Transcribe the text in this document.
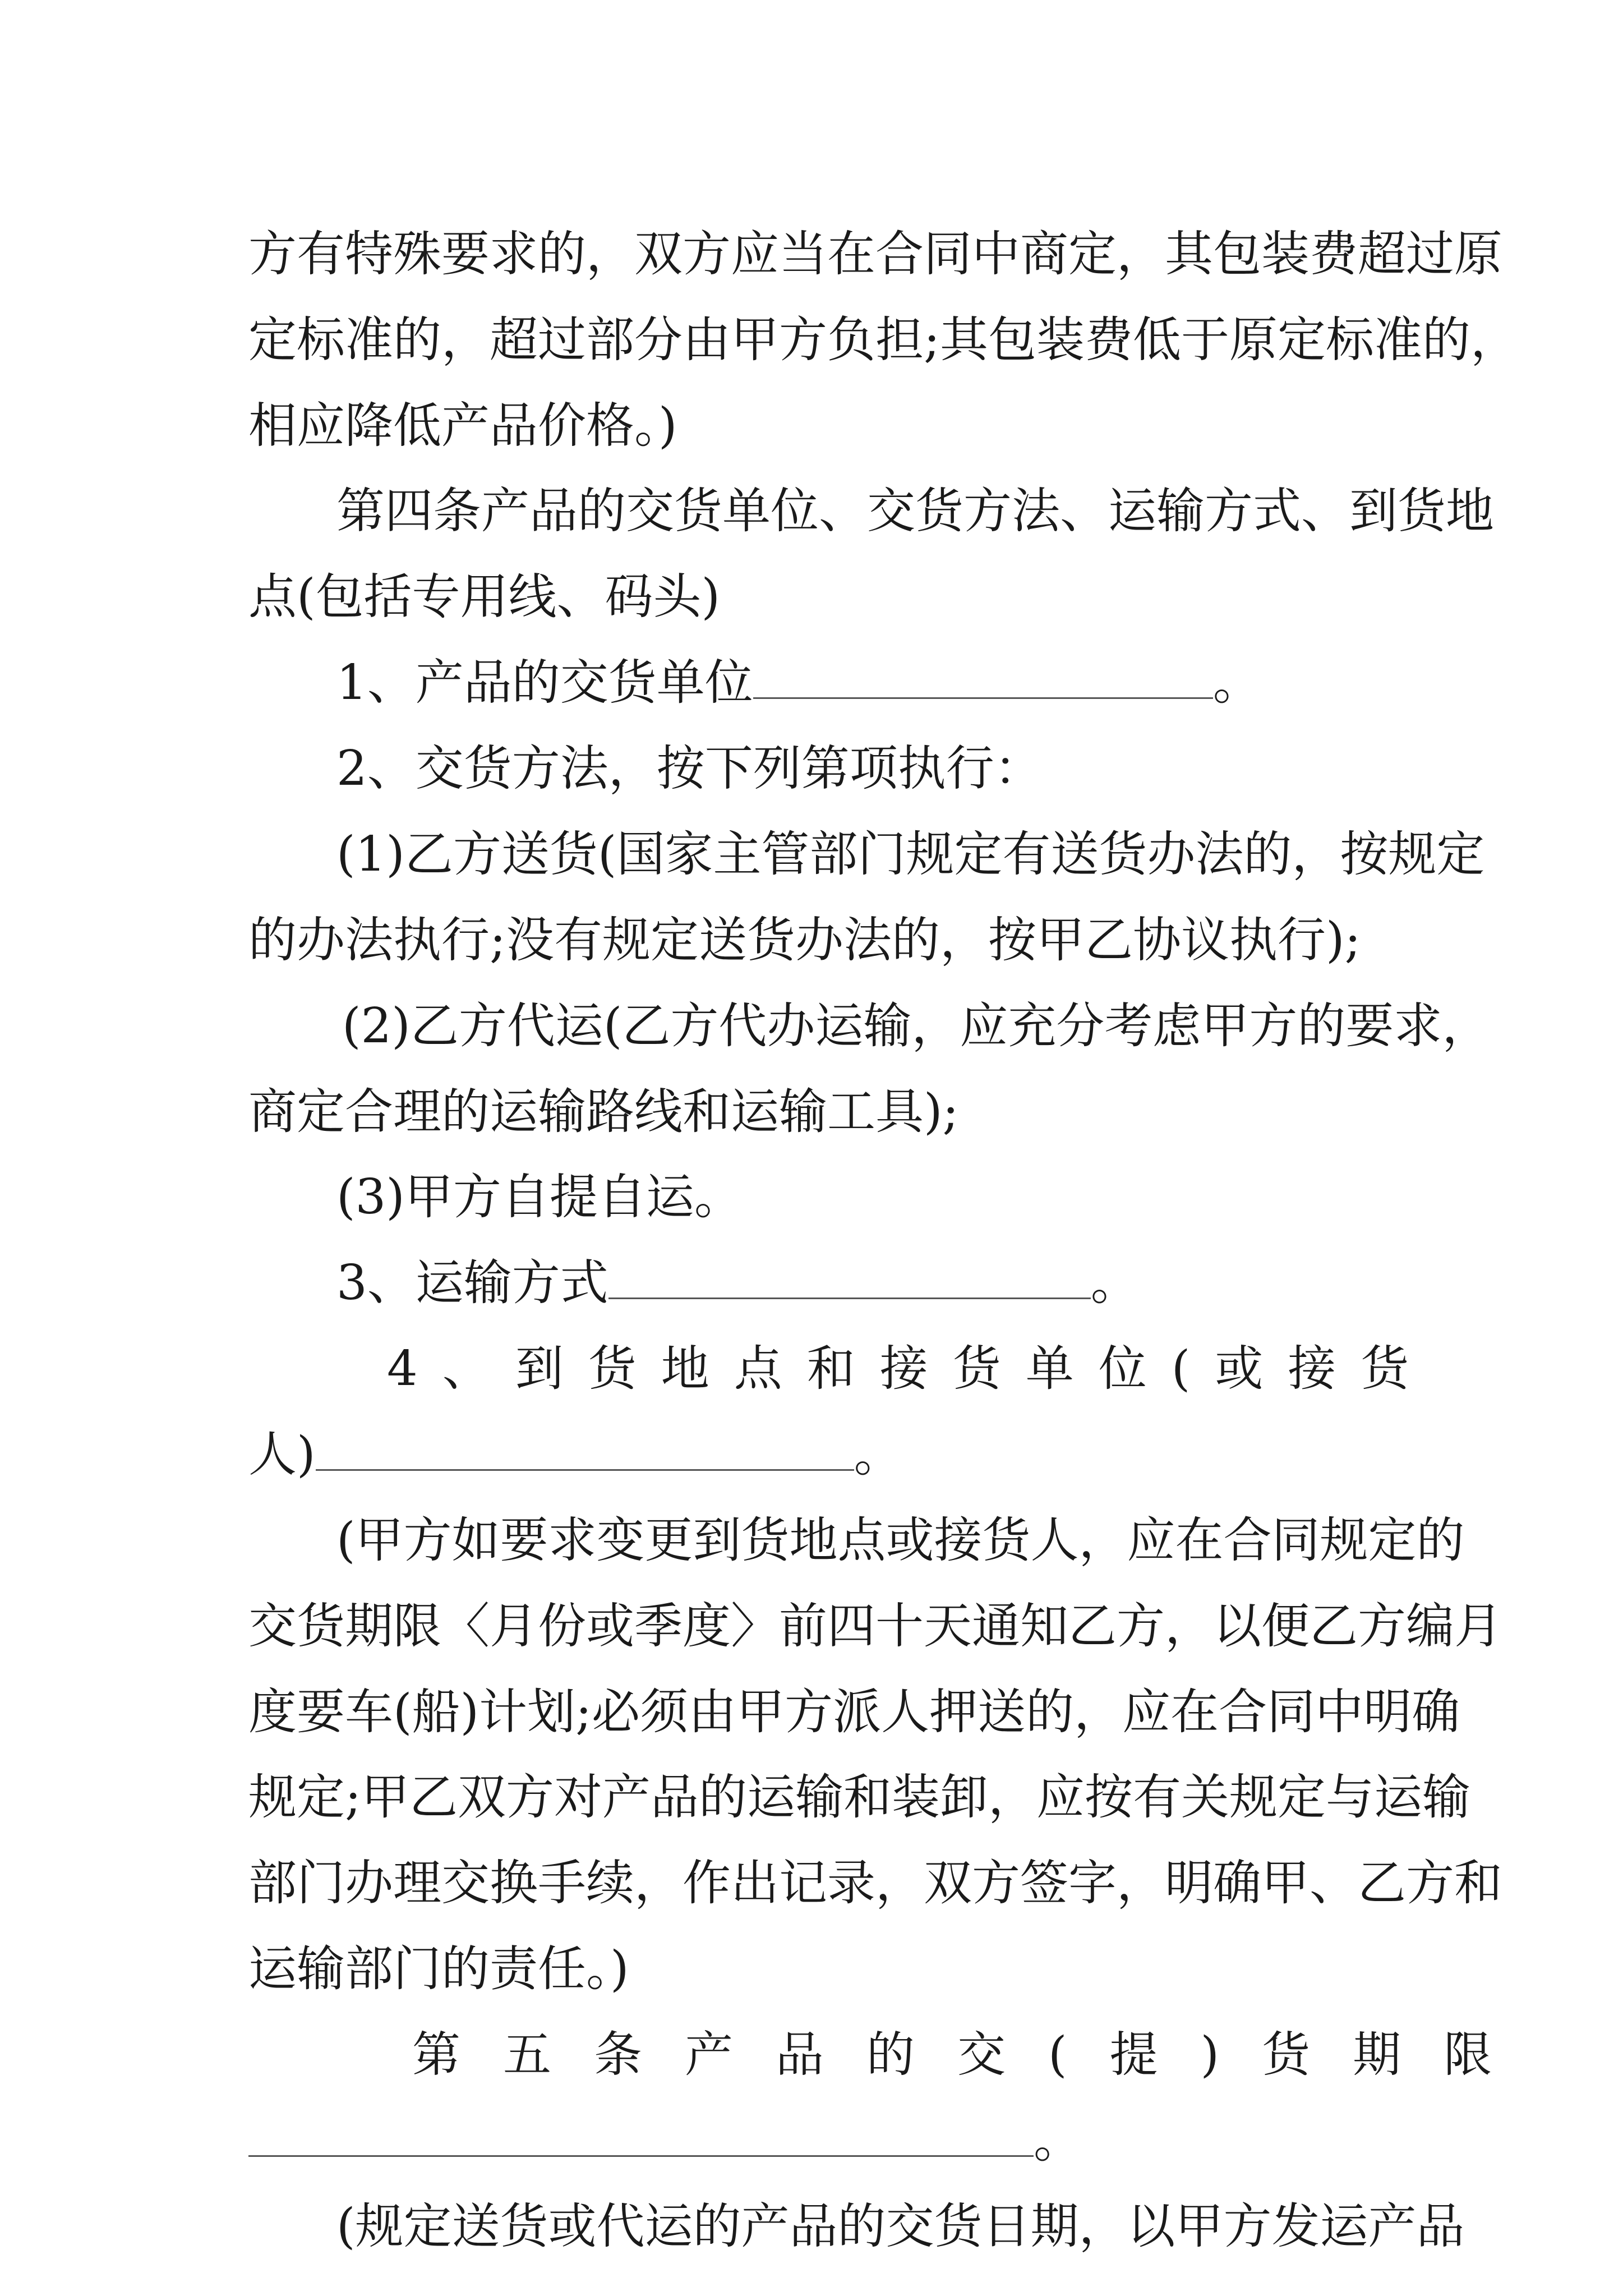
方有特殊要求的，双方应当在合同中商定，其包装费超过原
定标准的，超过部分由甲方负担;其包装费低于原定标准的，
相应降低产品价格。)
第四条产品的交货单位、交货方法、运输方式、到货地
点(包括专用线、码头)
1、产品的交货单位	。
2、交货方法，按下列第项执行：
(1)乙方送货(国家主管部门规定有送货办法的，按规定
的办法执行;没有规定送货办法的，按甲乙协议执行);
(2)乙方代运(乙方代办运输，应充分考虑甲方的要求，
商定合理的运输路线和运输工具);
(3)甲方自提自运。
3、运输方式	。
4、到货地点和接货单位(或接货
人)	。
(甲方如要求变更到货地点或接货人，应在合同规定的
交货期限〈月份或季度〉前四十天通知乙方，以便乙方编月
度要车(船)计划;必须由甲方派人押送的，应在合同中明确
规定;甲乙双方对产品的运输和装卸，应按有关规定与运输
部门办理交换手续，作出记录，双方签字，明确甲、乙方和
运输部门的责任。)
第五条产品的交(提)货期限
。
(规定送货或代运的产品的交货日期，以甲方发运产品
